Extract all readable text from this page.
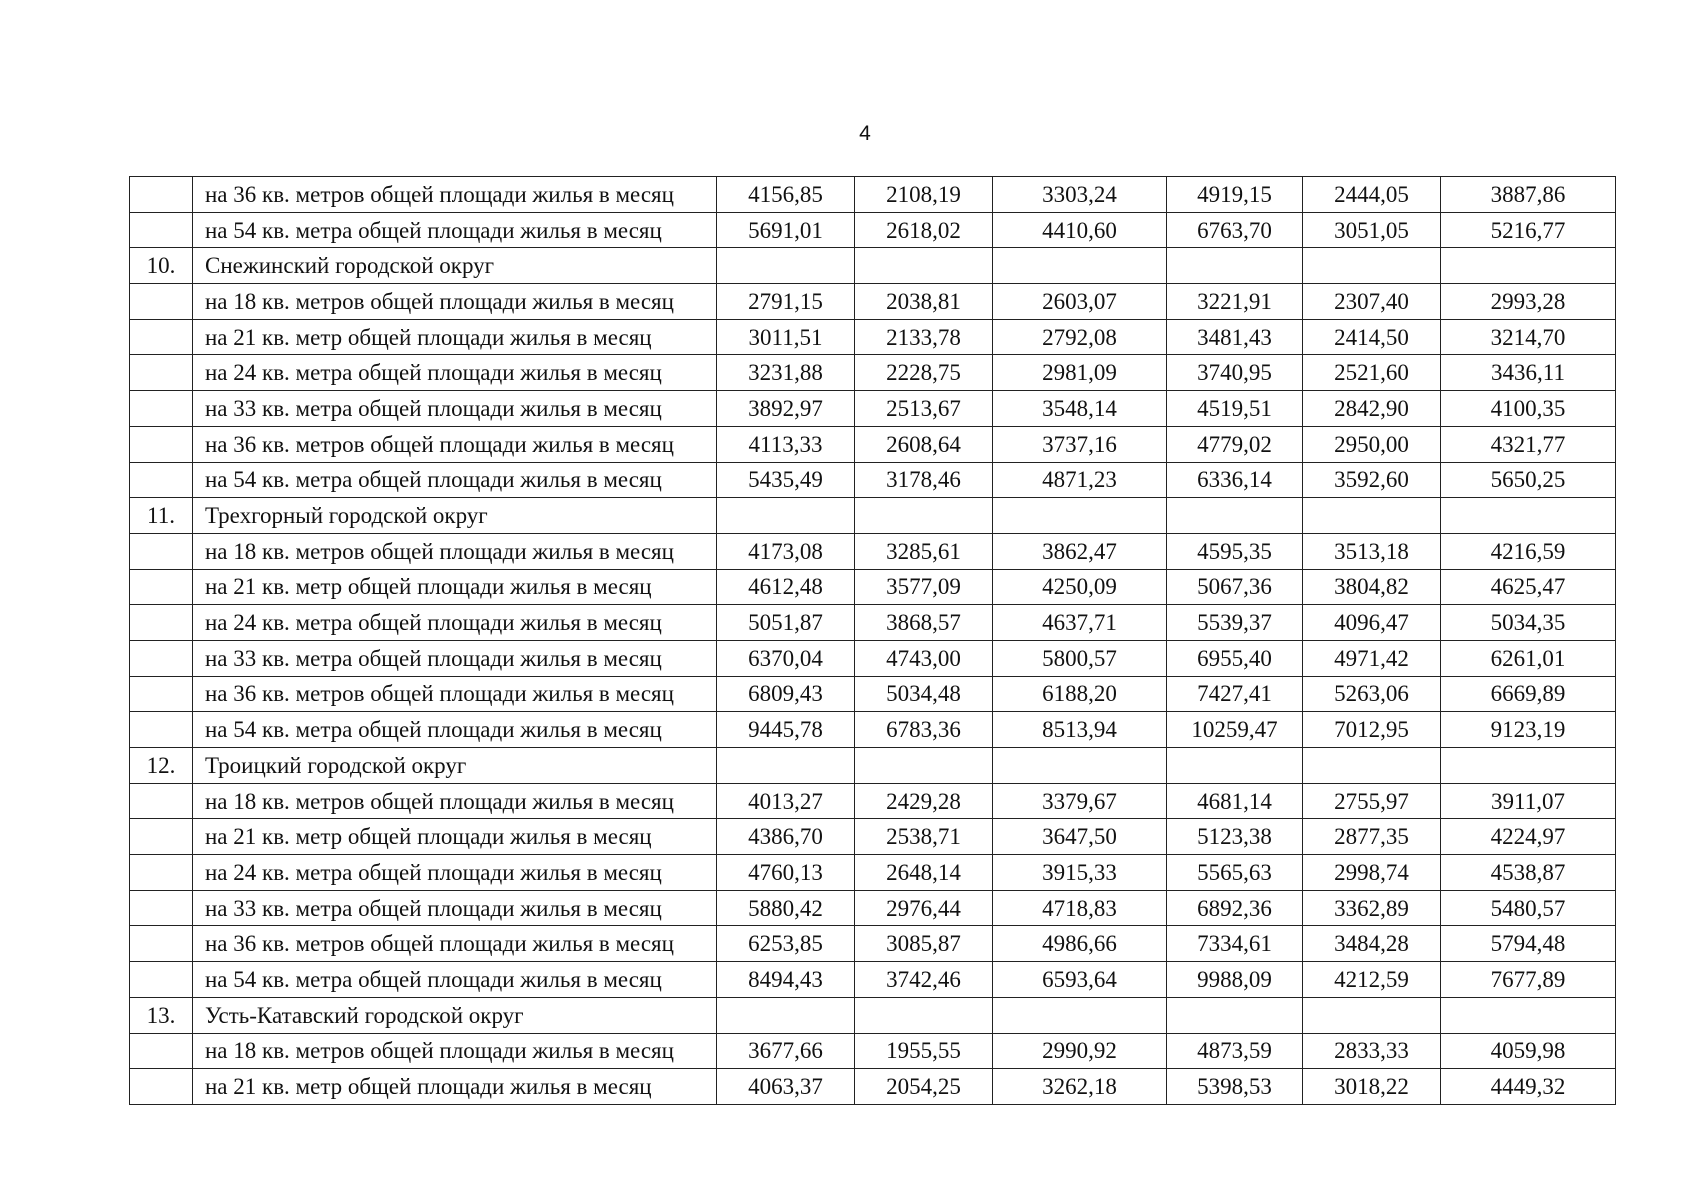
4
	на 36 кв. метров общей площади жилья в месяц	4156,85	2108,19	3303,24	4919,15	2444,05	3887,86
	на 54 кв. метра общей площади жилья в месяц	5691,01	2618,02	4410,60	6763,70	3051,05	5216,77
10.	Снежинский городской округ						
	на 18 кв. метров общей площади жилья в месяц	2791,15	2038,81	2603,07	3221,91	2307,40	2993,28
	на 21 кв. метр общей площади жилья в месяц	3011,51	2133,78	2792,08	3481,43	2414,50	3214,70
	на 24 кв. метра общей площади жилья в месяц	3231,88	2228,75	2981,09	3740,95	2521,60	3436,11
	на 33 кв. метра общей площади жилья в месяц	3892,97	2513,67	3548,14	4519,51	2842,90	4100,35
	на 36 кв. метров общей площади жилья в месяц	4113,33	2608,64	3737,16	4779,02	2950,00	4321,77
	на 54 кв. метра общей площади жилья в месяц	5435,49	3178,46	4871,23	6336,14	3592,60	5650,25
11.	Трехгорный городской округ						
	на 18 кв. метров общей площади жилья в месяц	4173,08	3285,61	3862,47	4595,35	3513,18	4216,59
	на 21 кв. метр общей площади жилья в месяц	4612,48	3577,09	4250,09	5067,36	3804,82	4625,47
	на 24 кв. метра общей площади жилья в месяц	5051,87	3868,57	4637,71	5539,37	4096,47	5034,35
	на 33 кв. метра общей площади жилья в месяц	6370,04	4743,00	5800,57	6955,40	4971,42	6261,01
	на 36 кв. метров общей площади жилья в месяц	6809,43	5034,48	6188,20	7427,41	5263,06	6669,89
	на 54 кв. метра общей площади жилья в месяц	9445,78	6783,36	8513,94	10259,47	7012,95	9123,19
12.	Троицкий городской округ						
	на 18 кв. метров общей площади жилья в месяц	4013,27	2429,28	3379,67	4681,14	2755,97	3911,07
	на 21 кв. метр общей площади жилья в месяц	4386,70	2538,71	3647,50	5123,38	2877,35	4224,97
	на 24 кв. метра общей площади жилья в месяц	4760,13	2648,14	3915,33	5565,63	2998,74	4538,87
	на 33 кв. метра общей площади жилья в месяц	5880,42	2976,44	4718,83	6892,36	3362,89	5480,57
	на 36 кв. метров общей площади жилья в месяц	6253,85	3085,87	4986,66	7334,61	3484,28	5794,48
	на 54 кв. метра общей площади жилья в месяц	8494,43	3742,46	6593,64	9988,09	4212,59	7677,89
13.	Усть-Катавский городской округ						
	на 18 кв. метров общей площади жилья в месяц	3677,66	1955,55	2990,92	4873,59	2833,33	4059,98
	на 21 кв. метр общей площади жилья в месяц	4063,37	2054,25	3262,18	5398,53	3018,22	4449,32
